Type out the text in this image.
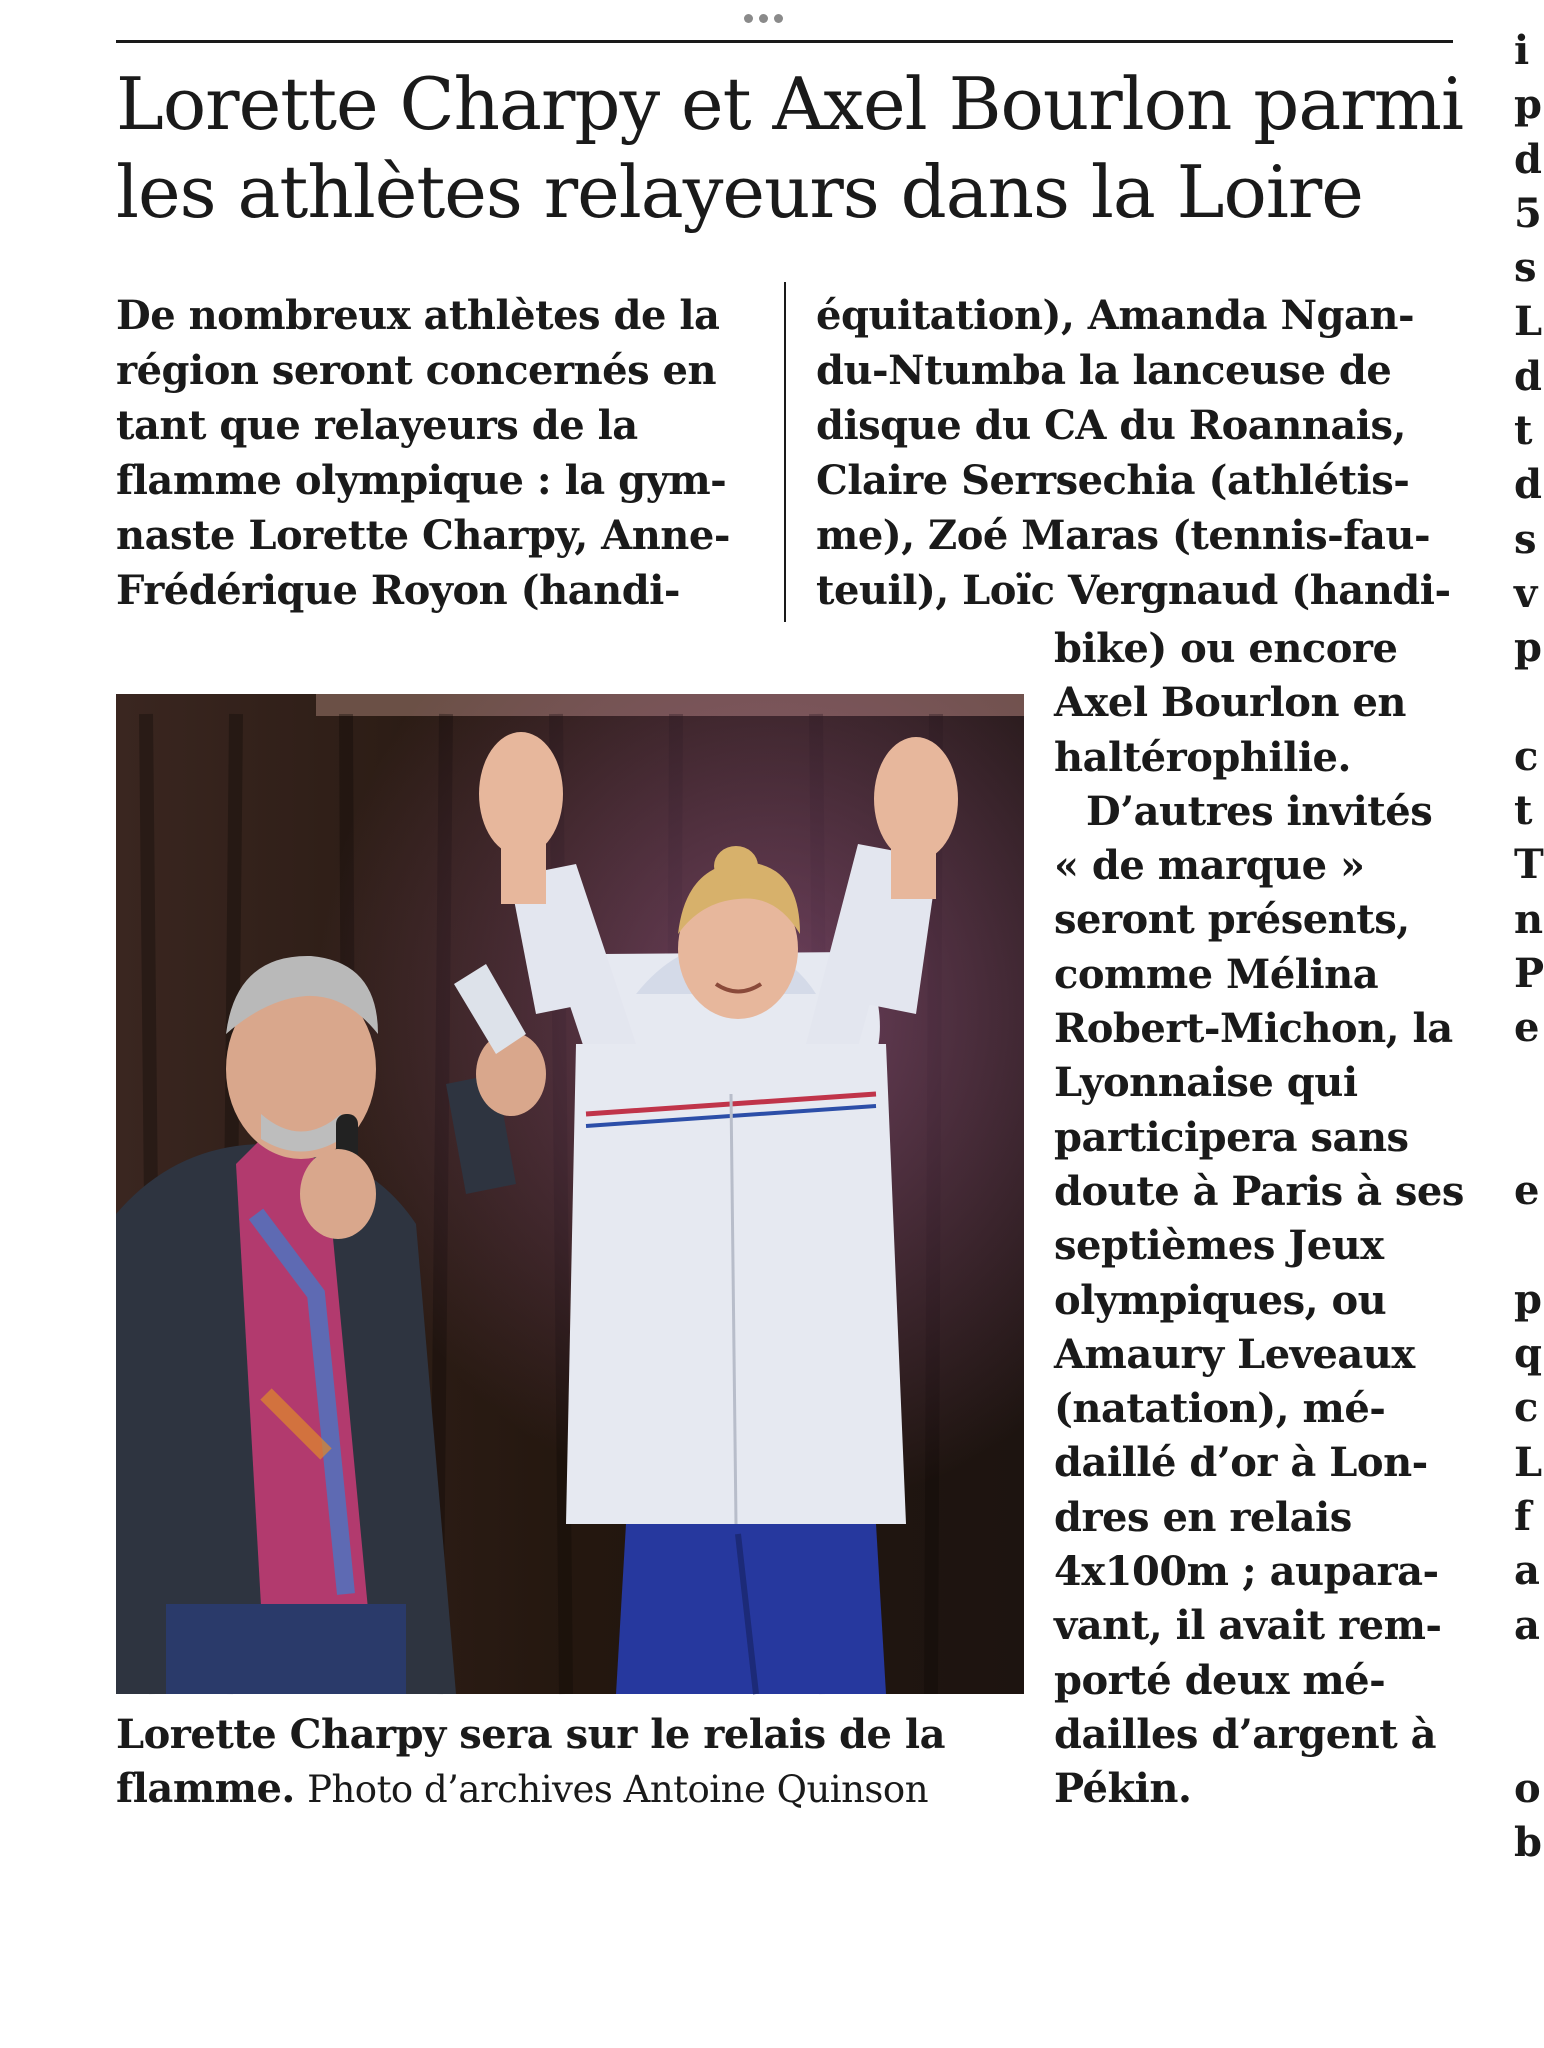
Lorette Charpy et Axel Bourlon parmi
les athlètes relayeurs dans la Loire
De nombreux athlètes de la
région seront concernés en
tant que relayeurs de la
flamme olympique : la gym-
naste Lorette Charpy, Anne-
Frédérique Royon (handi-
équitation), Amanda Ngan-
du-Ntumba la lanceuse de
disque du CA du Roannais,
Claire Serrsechia (athlétis-
me), Zoé Maras (tennis-fau-
teuil), Loïc Vergnaud (handi-
Lorette Charpy sera sur le relais de la
flamme. Photo d’archives Antoine Quinson
bike) ou encore
Axel Bourlon en
haltérophilie.
D’autres invités
« de marque »
seront présents,
comme Mélina
Robert-Michon, la
Lyonnaise qui
participera sans
doute à Paris à ses
septièmes Jeux
olympiques, ou
Amaury Leveaux
(natation), mé-
daillé d’or à Lon-
dres en relais
4x100m ; aupara-
vant, il avait rem-
porté deux mé-
dailles d’argent à
Pékin.
i
p
d
5
s
L
d
t
d
s
v
p

c
t
T
n
P
e

e

p
q
c
L
f
a
a

o
b
